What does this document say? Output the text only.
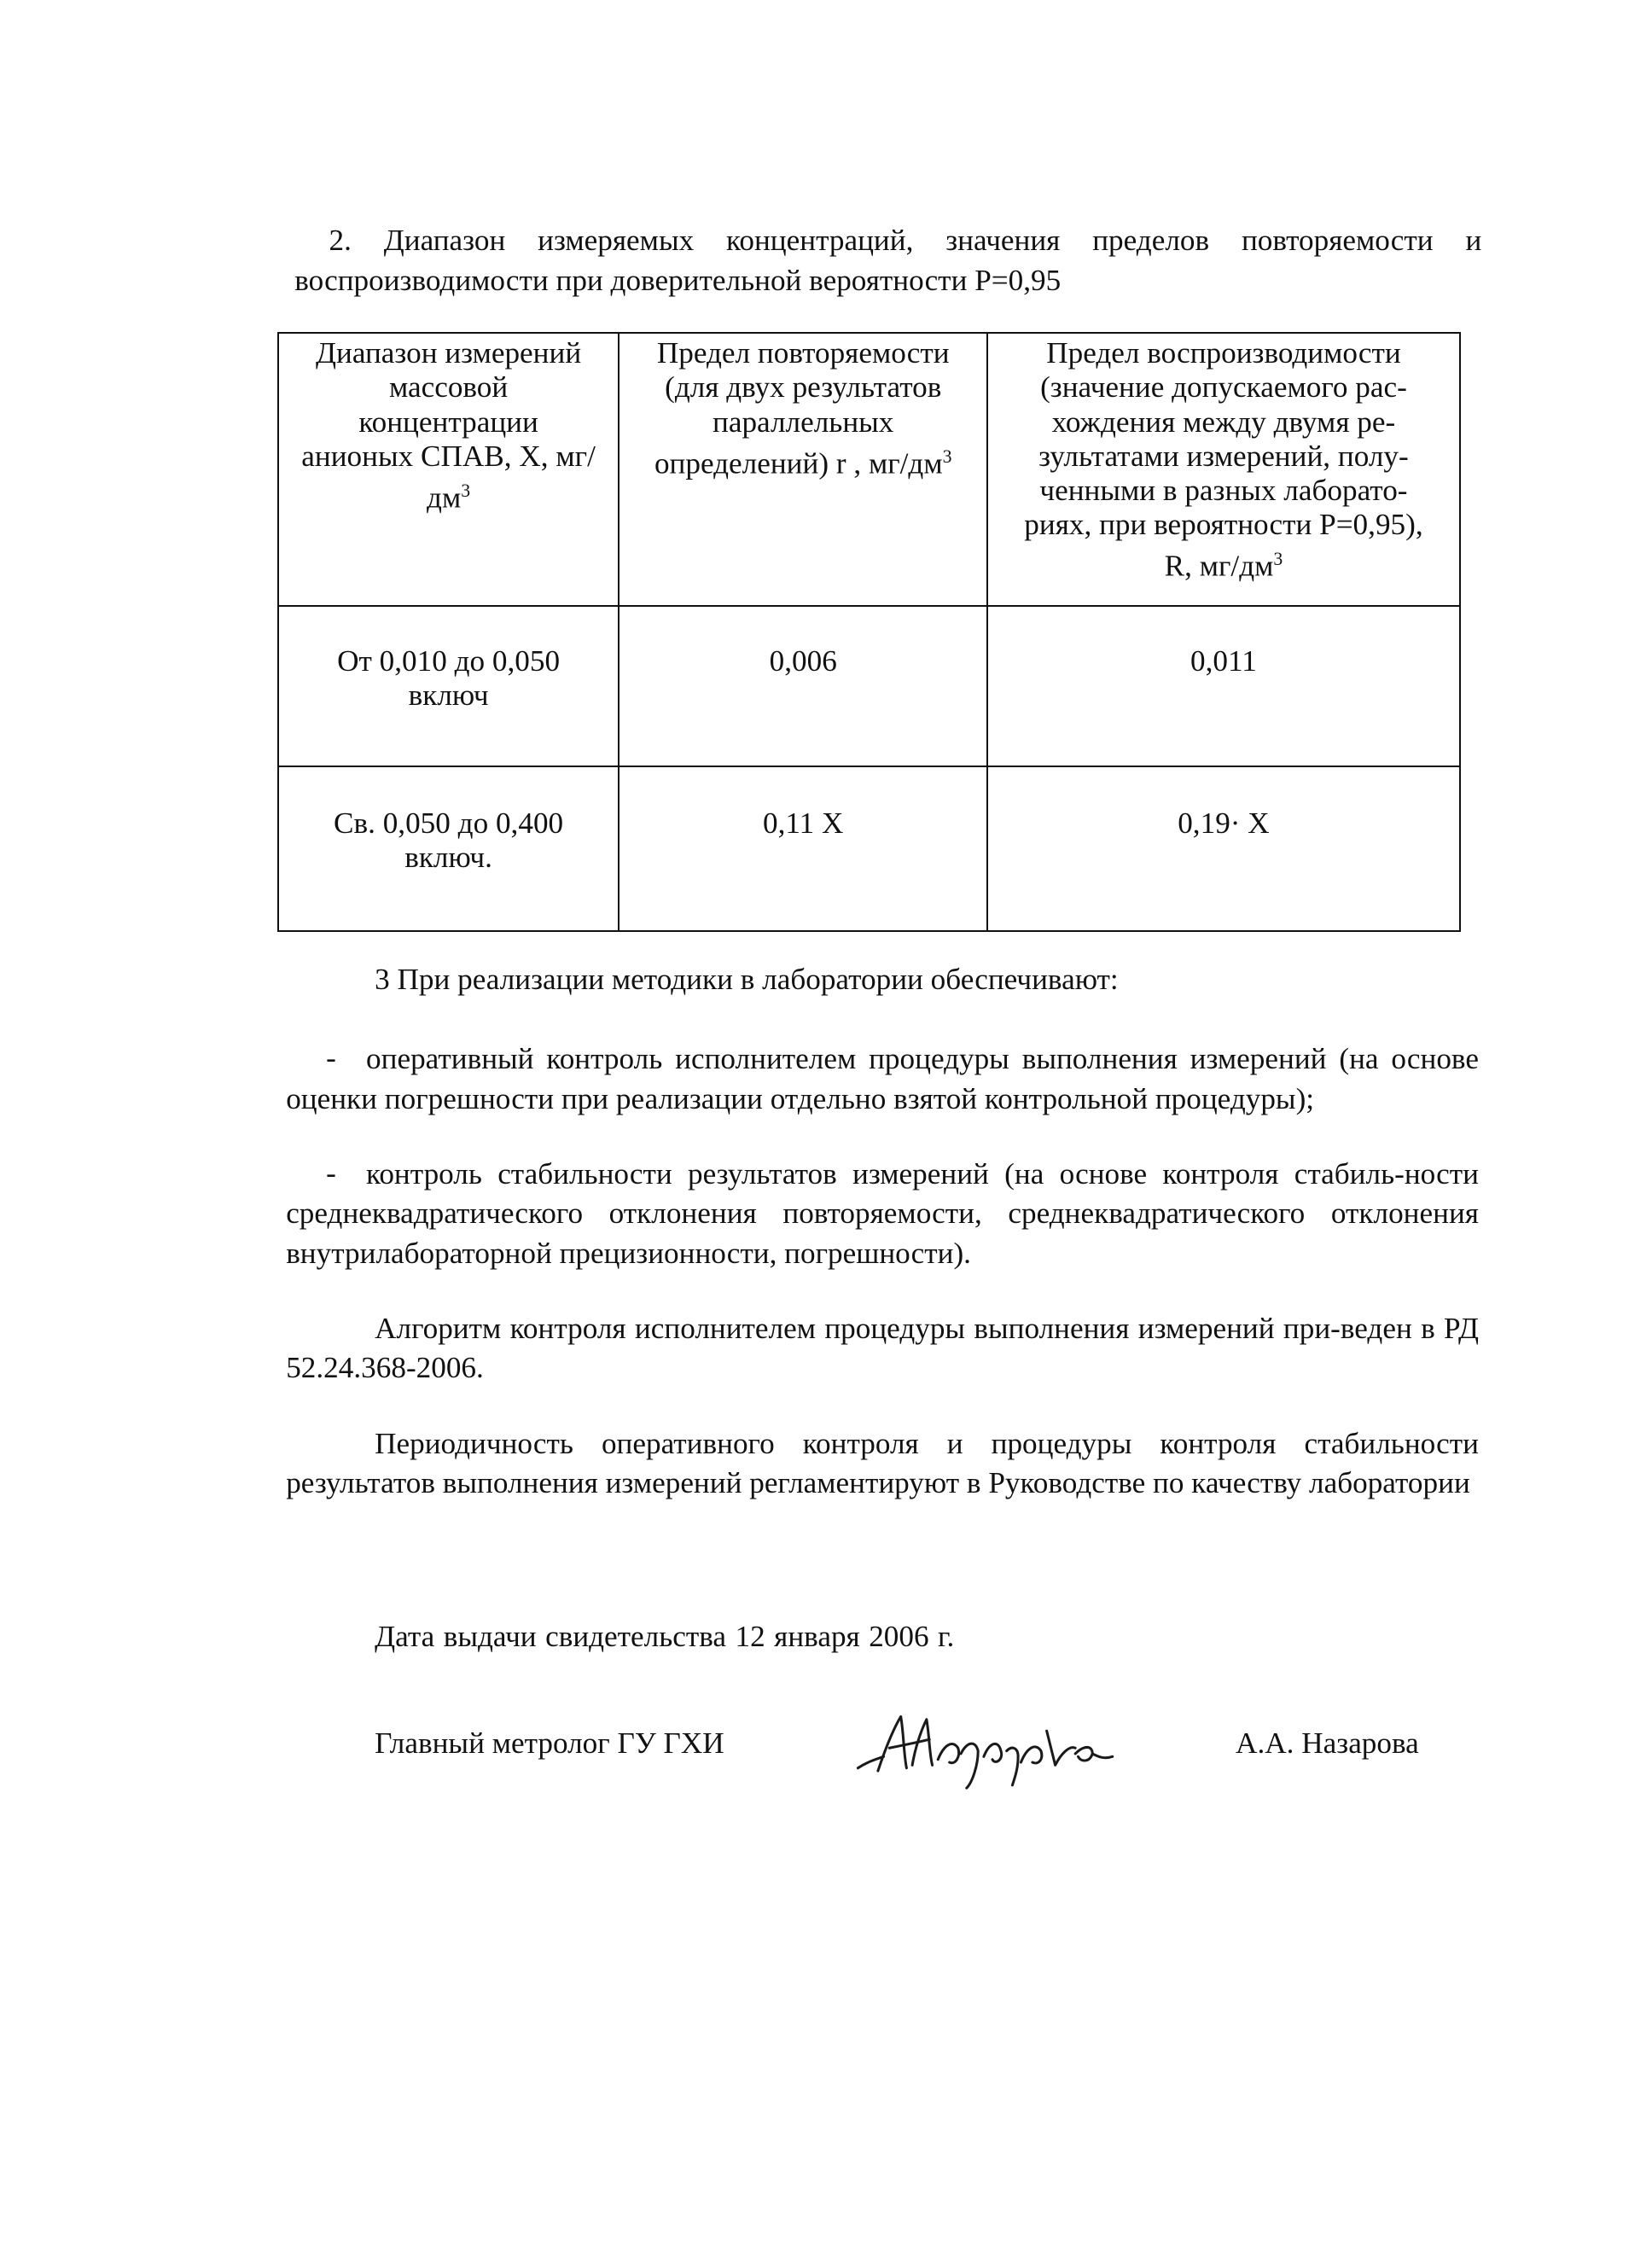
2. Диапазон измеряемых концентраций, значения пределов повторяемости и

воспроизводимости при доверительной вероятности Р=0,95

Диапазон измерений массовой концентрации анионых СПАВ, Х, $мг/дм^3$	Предел повторяемости (для двух результатов параллельных определений) r , $мг/дм^3$	Предел воспроизводимости (значение допускаемого рас-хождения между двумя ре-зультатами измерений, полу-ченными в разных лаборато-риях, при вероятности Р=0,95), R, $мг/дм^3$
От 0,010 до 0,050 включ	0,006	0,011
Св. 0,050 до 0,400 включ.	0,11 Х	0,19· Х

3 При реализации методики в лаборатории обеспечивают:

-	оперативный контроль исполнителем процедуры выполнения измерений (на основе оценки погрешности при реализации отдельно взятой контрольной процедуры);

-	контроль стабильности результатов измерений (на основе контроля стабиль-ности среднеквадратического отклонения повторяемости, среднеквадратического отклонения внутрилабораторной прецизионности, погрешности).

Алгоритм контроля исполнителем процедуры выполнения измерений при-веден в РД 52.24.368-2006.

Периодичность оперативного контроля и процедуры контроля стабильности результатов выполнения измерений регламентируют в Руководстве по качеству лаборатории

Дата выдачи свидетельства 12 января 2006 г.

Главный метролог ГУ ГХИ	А.А. Назарова
